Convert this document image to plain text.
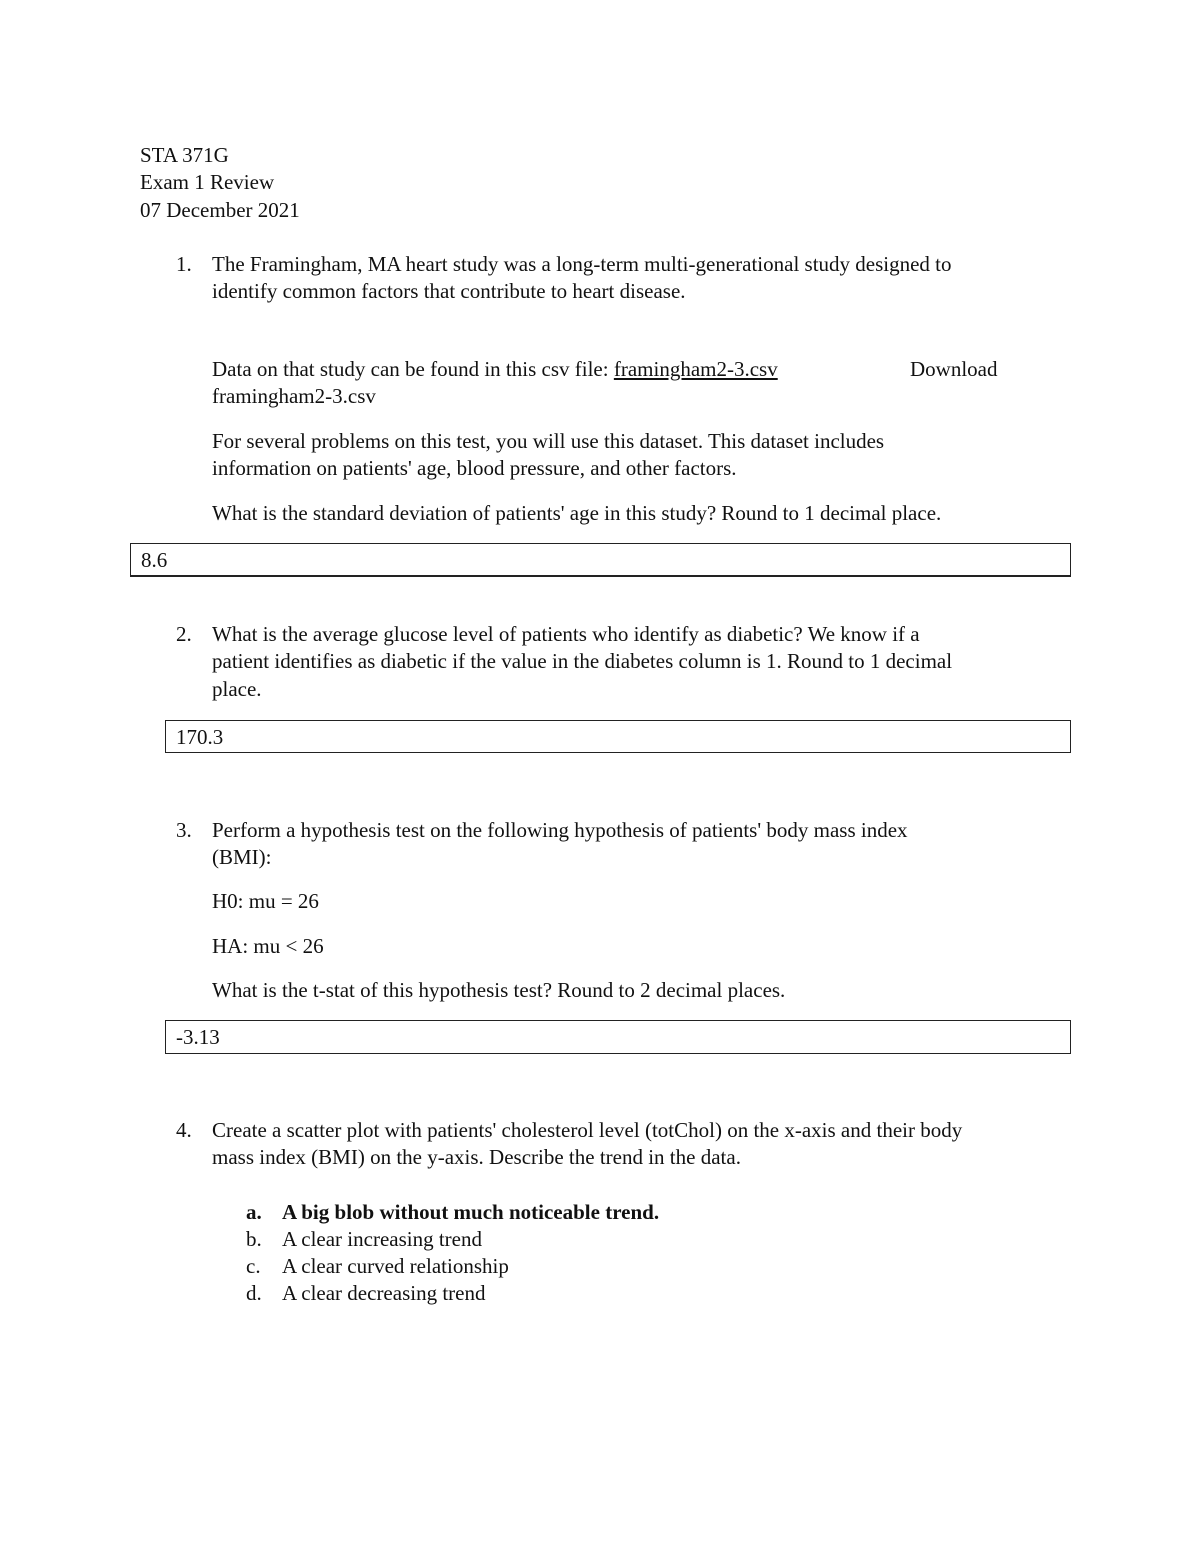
STA 371G
Exam 1 Review
07 December 2021
1. The Framingham, MA heart study was a long-term multi-generational study designed to
identify common factors that contribute to heart disease.
Data on that study can be found in this csv file: framingham2-3.csv	Download
framingham2-3.csv
For several problems on this test, you will use this dataset. This dataset includes
information on patients' age, blood pressure, and other factors.
What is the standard deviation of patients' age in this study? Round to 1 decimal place.
8.6
2. What is the average glucose level of patients who identify as diabetic? We know if a
patient identifies as diabetic if the value in the diabetes column is 1. Round to 1 decimal
place.
170.3
3. Perform a hypothesis test on the following hypothesis of patients' body mass index
(BMI):
H0: mu = 26
HA: mu < 26
What is the t-stat of this hypothesis test? Round to 2 decimal places.
-3.13
4. Create a scatter plot with patients' cholesterol level (totChol) on the x-axis and their body
mass index (BMI) on the y-axis. Describe the trend in the data.
a. A big blob without much noticeable trend.
b. A clear increasing trend
c. A clear curved relationship
d. A clear decreasing trend
